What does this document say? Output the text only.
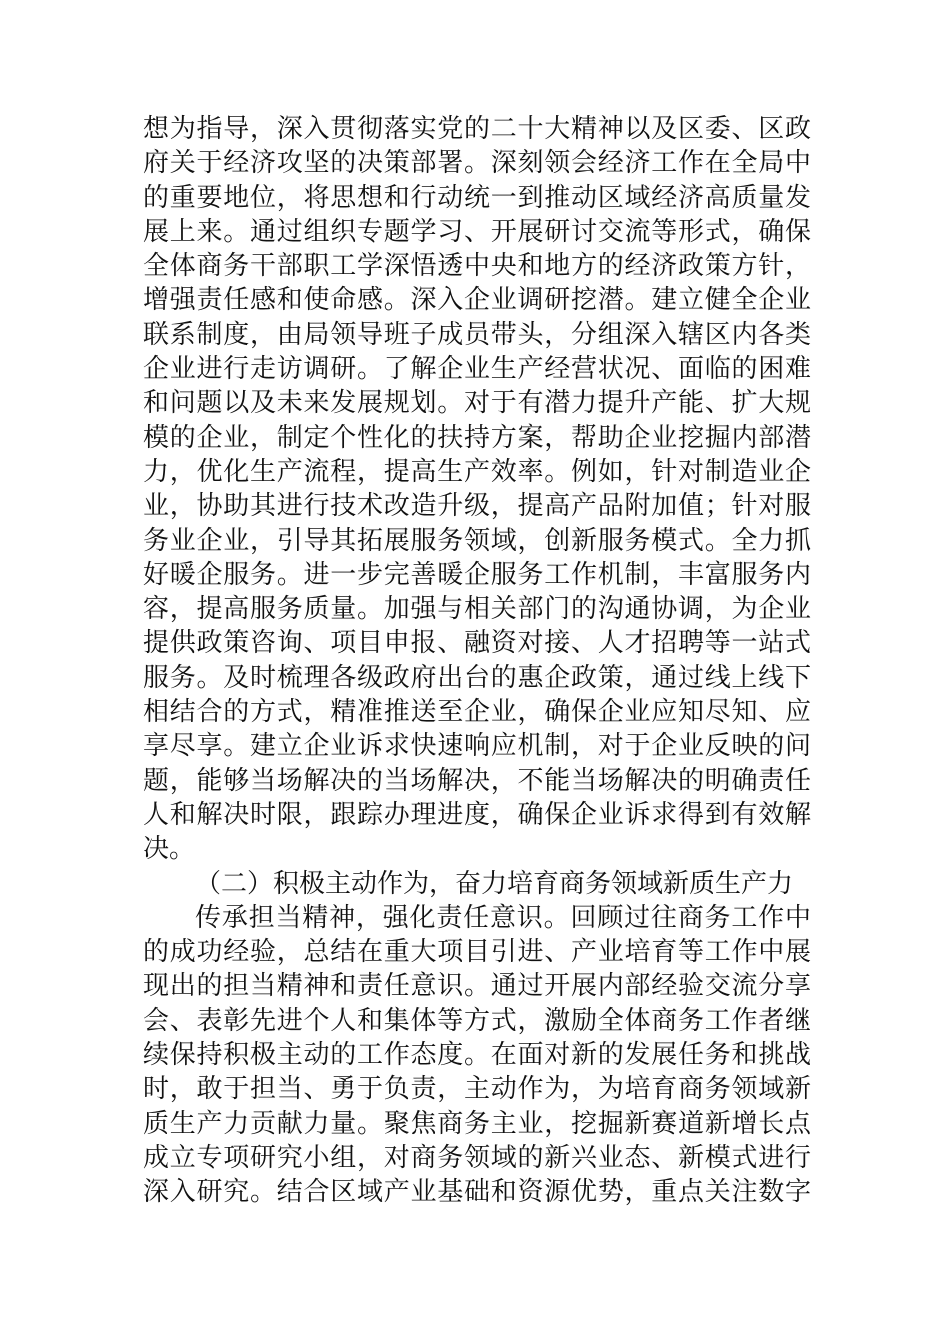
想为指导，深入贯彻落实党的二十大精神以及区委、区政
府关于经济攻坚的决策部署。深刻领会经济工作在全局中
的重要地位，将思想和行动统一到推动区域经济高质量发
展上来。通过组织专题学习、开展研讨交流等形式，确保
全体商务干部职工学深悟透中央和地方的经济政策方针，
增强责任感和使命感。深入企业调研挖潜。建立健全企业
联系制度，由局领导班子成员带头，分组深入辖区内各类
企业进行走访调研。了解企业生产经营状况、面临的困难
和问题以及未来发展规划。对于有潜力提升产能、扩大规
模的企业，制定个性化的扶持方案，帮助企业挖掘内部潜
力，优化生产流程，提高生产效率。例如，针对制造业企
业，协助其进行技术改造升级，提高产品附加值；针对服
务业企业，引导其拓展服务领域，创新服务模式。全力抓
好暖企服务。进一步完善暖企服务工作机制，丰富服务内
容，提高服务质量。加强与相关部门的沟通协调，为企业
提供政策咨询、项目申报、融资对接、人才招聘等一站式
服务。及时梳理各级政府出台的惠企政策，通过线上线下
相结合的方式，精准推送至企业，确保企业应知尽知、应
享尽享。建立企业诉求快速响应机制，对于企业反映的问
题，能够当场解决的当场解决，不能当场解决的明确责任
人和解决时限，跟踪办理进度，确保企业诉求得到有效解
决。
（二）积极主动作为，奋力培育商务领域新质生产力
传承担当精神，强化责任意识。回顾过往商务工作中
的成功经验，总结在重大项目引进、产业培育等工作中展
现出的担当精神和责任意识。通过开展内部经验交流分享
会、表彰先进个人和集体等方式，激励全体商务工作者继
续保持积极主动的工作态度。在面对新的发展任务和挑战
时，敢于担当、勇于负责，主动作为，为培育商务领域新
质生产力贡献力量。聚焦商务主业，挖掘新赛道新增长点
成立专项研究小组，对商务领域的新兴业态、新模式进行
深入研究。结合区域产业基础和资源优势，重点关注数字
